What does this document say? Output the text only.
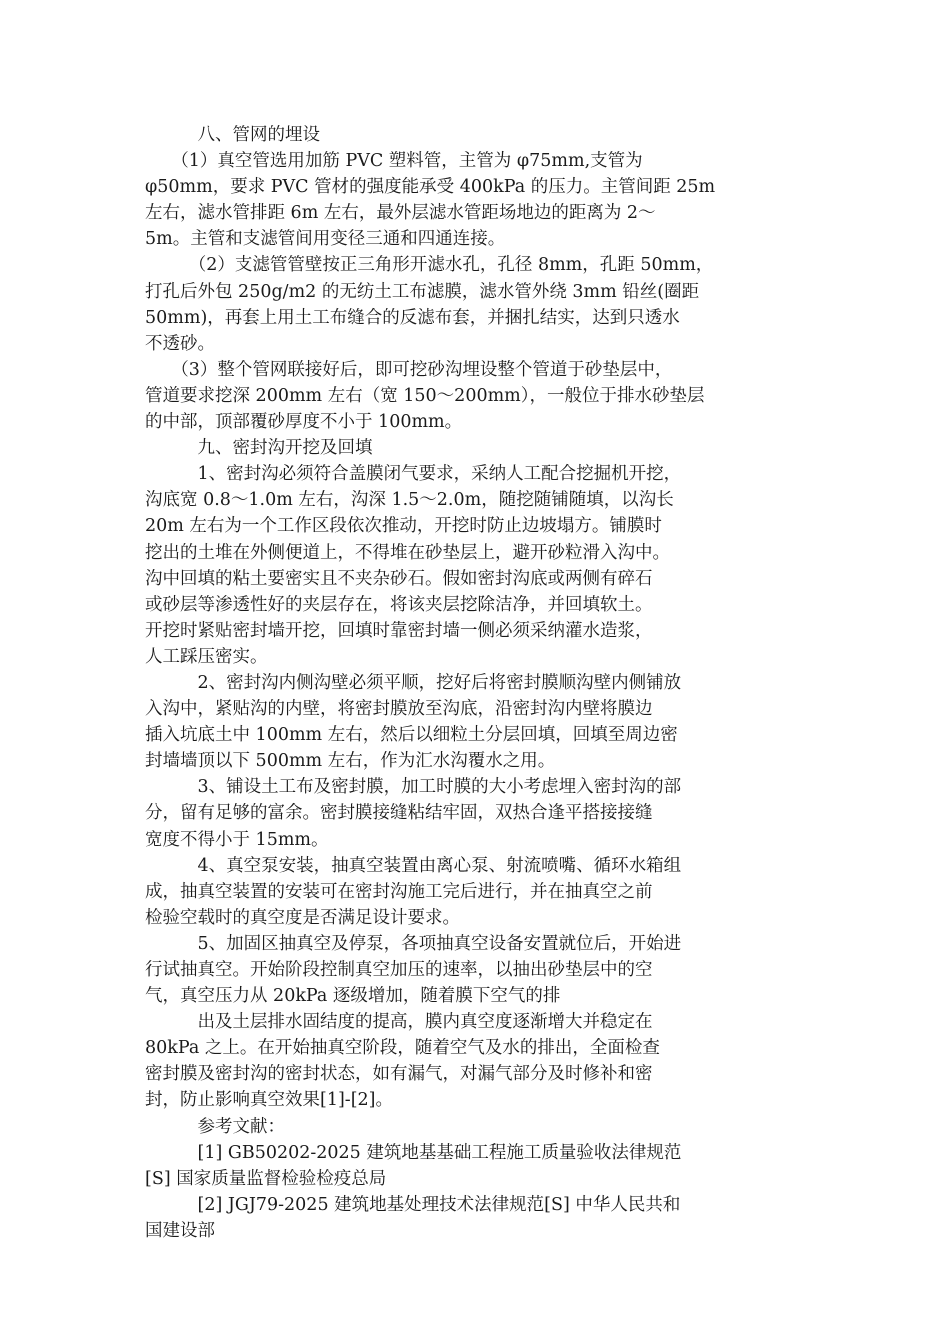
　　　八、管网的埋设
　　（1）真空管选用加筋 PVC 塑料管，主管为 φ75mm,支管为
φ50mm，要求 PVC 管材的强度能承受 400kPa 的压力。主管间距 25m
左右，滤水管排距 6m 左右，最外层滤水管距场地边的距离为 2～
5m。主管和支滤管间用变径三通和四通连接。
　　　（2）支滤管管壁按正三角形开滤水孔，孔径 8mm，孔距 50mm，
打孔后外包 250g/m2 的无纺土工布滤膜，滤水管外绕 3mm 铅丝(圈距
50mm)，再套上用土工布缝合的反滤布套，并捆扎结实，达到只透水
不透砂。
　　（3）整个管网联接好后，即可挖砂沟埋设整个管道于砂垫层中，
管道要求挖深 200mm 左右（宽 150～200mm），一般位于排水砂垫层
的中部，顶部覆砂厚度不小于 100mm。
　　　九、密封沟开挖及回填
　　　1、密封沟必须符合盖膜闭气要求，采纳人工配合挖掘机开挖，
沟底宽 0.8～1.0m 左右，沟深 1.5～2.0m，随挖随铺随填，以沟长
20m 左右为一个工作区段依次推动，开挖时防止边坡塌方。铺膜时
挖出的土堆在外侧便道上，不得堆在砂垫层上，避开砂粒滑入沟中。
沟中回填的粘土要密实且不夹杂砂石。假如密封沟底或两侧有碎石
或砂层等渗透性好的夹层存在，将该夹层挖除洁净，并回填软土。
开挖时紧贴密封墙开挖，回填时靠密封墙一侧必须采纳灌水造浆，
人工踩压密实。
　　　2、密封沟内侧沟壁必须平顺，挖好后将密封膜顺沟壁内侧铺放
入沟中，紧贴沟的内壁，将密封膜放至沟底，沿密封沟内壁将膜边
插入坑底土中 100mm 左右，然后以细粒土分层回填，回填至周边密
封墙墙顶以下 500mm 左右，作为汇水沟覆水之用。
　　　3、铺设土工布及密封膜，加工时膜的大小考虑埋入密封沟的部
分，留有足够的富余。密封膜接缝粘结牢固，双热合逢平搭接接缝
宽度不得小于 15mm。
　　　4、真空泵安装，抽真空装置由离心泵、射流喷嘴、循环水箱组
成，抽真空装置的安装可在密封沟施工完后进行，并在抽真空之前
检验空载时的真空度是否满足设计要求。
　　　5、加固区抽真空及停泵，各项抽真空设备安置就位后，开始进
行试抽真空。开始阶段控制真空加压的速率，以抽出砂垫层中的空
气，真空压力从 20kPa 逐级增加，随着膜下空气的排
　　　出及土层排水固结度的提高，膜内真空度逐渐增大并稳定在
80kPa 之上。在开始抽真空阶段，随着空气及水的排出，全面检查
密封膜及密封沟的密封状态，如有漏气，对漏气部分及时修补和密
封，防止影响真空效果[1]-[2]。
　　　参考文献：
　　　[1] GB50202-2025 建筑地基基础工程施工质量验收法律规范
[S] 国家质量监督检验检疫总局
　　　[2] JGJ79-2025 建筑地基处理技术法律规范[S] 中华人民共和
国建设部
